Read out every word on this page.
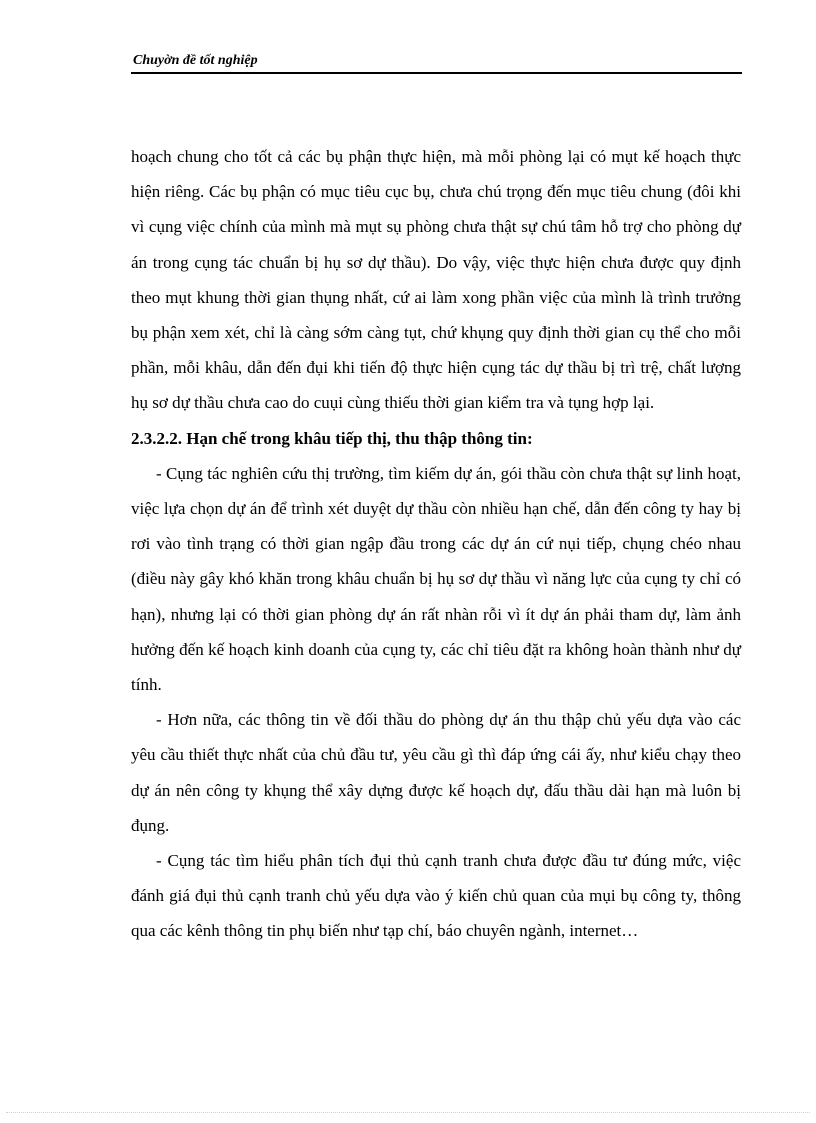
Chuyờn đề tốt nghiệp

hoạch chung cho tốt cả các bụ phận thực hiện, mà mỗi phòng lại có mụt kế hoạch thực hiện riêng. Các bụ phận có mục tiêu cục bụ, chưa chú trọng đến mục tiêu chung (đôi khi vì cụng việc chính của mình mà mụt sụ phòng chưa thật sự chú tâm hỗ trợ cho phòng dự án trong cụng tác chuẩn bị hụ sơ dự thầu). Do vậy, việc thực hiện chưa được quy định theo mụt khung thời gian thụng nhất, cứ ai làm xong phần việc của mình là trình trưởng bụ phận xem xét, chỉ là càng sớm càng tụt, chứ khụng quy định thời gian cụ thể cho mỗi phần, mỗi khâu, dẫn đến đụi khi tiến độ thực hiện cụng tác dự thầu bị trì trệ, chất lượng hụ sơ dự thầu chưa cao do cuụi cùng thiếu thời gian kiểm tra và tụng hợp lại.

2.3.2.2. Hạn chế trong khâu tiếp thị, thu thập thông tin:

- Cụng tác nghiên cứu thị trường, tìm kiếm dự án, gói thầu còn chưa thật sự linh hoạt, việc lựa chọn dự án để trình xét duyệt dự thầu còn nhiều hạn chế, dẫn đến công ty hay bị rơi vào tình trạng có thời gian ngập đầu trong các dự án cứ nụi tiếp, chụng chéo nhau (điều này gây khó khăn trong khâu chuẩn bị hụ sơ dự thầu vì năng lực của cụng ty chỉ có hạn), nhưng lại có thời gian phòng dự án rất nhàn rỗi vì ít dự án phải tham dự, làm ảnh hưởng đến kế hoạch kinh doanh của cụng ty, các chỉ tiêu đặt ra không hoàn thành như dự tính.

- Hơn nữa, các thông tin về đối thầu do phòng dự án thu thập chủ yếu dựa vào các yêu cầu thiết thực nhất của chủ đầu tư, yêu cầu gì thì đáp ứng cái ấy, như kiểu chạy theo dự án nên công ty khụng thể xây dựng được kế hoạch dự, đấu thầu dài hạn mà luôn bị đụng.

- Cụng tác tìm hiểu phân tích đụi thủ cạnh tranh chưa được đầu tư đúng mức, việc đánh giá đụi thủ cạnh tranh chủ yếu dựa vào ý kiến chủ quan của mụi bụ công ty, thông qua các kênh thông tin phụ biến như tạp chí, báo chuyên ngành, internet…
